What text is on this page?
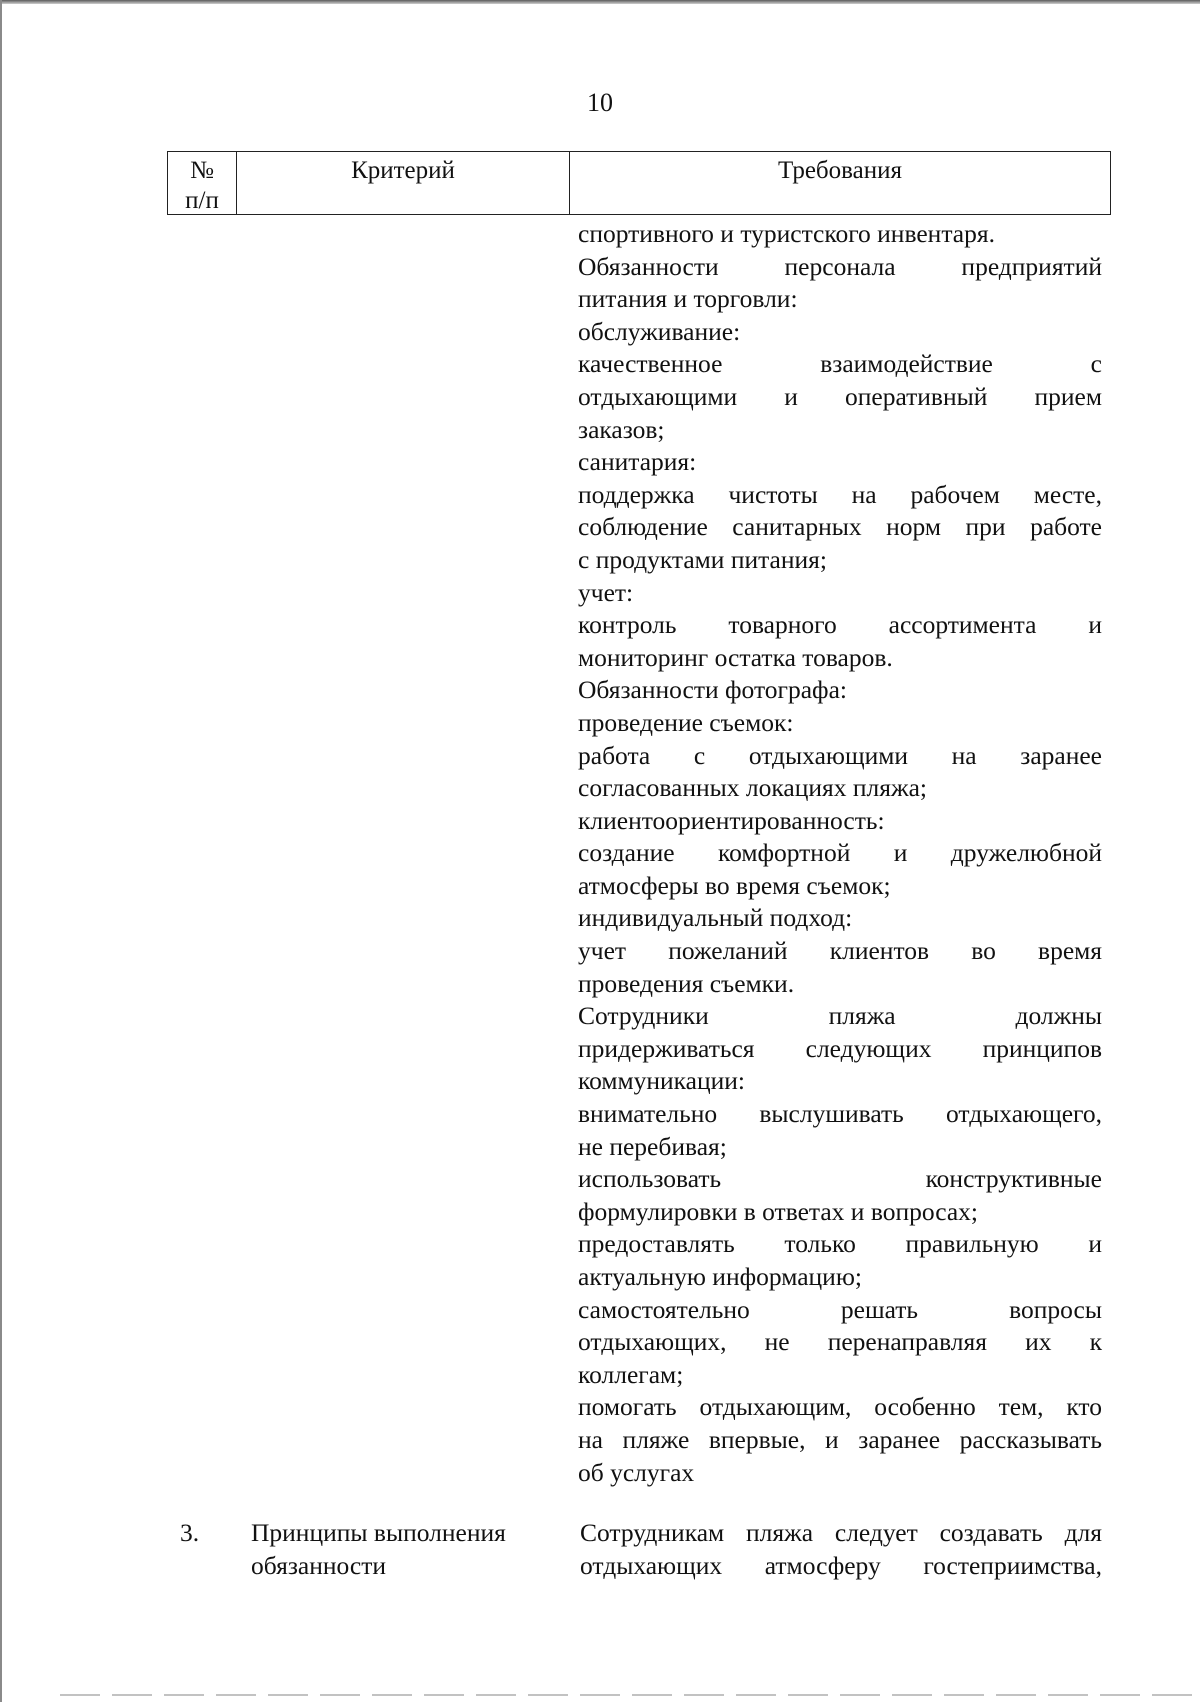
10
№
п/п
Критерий	Требования
спортивного и туристского инвентаря.
Обязанности персонала предприятий
питания и торговли:
обслуживание:
качественное взаимодействие с
отдыхающими и оперативный прием
заказов;
санитария:
поддержка чистоты на рабочем месте,
соблюдение санитарных норм при работе
с продуктами питания;
учет:
контроль товарного ассортимента и
мониторинг остатка товаров.
Обязанности фотографа:
проведение съемок:
работа с отдыхающими на заранее
согласованных локациях пляжа;
клиентоориентированность:
создание комфортной и дружелюбной
атмосферы во время съемок;
индивидуальный подход:
учет пожеланий клиентов во время
проведения съемки.
Сотрудники пляжа должны
придерживаться следующих принципов
коммуникации:
внимательно выслушивать отдыхающего,
не перебивая;
использовать конструктивные
формулировки в ответах и вопросах;
предоставлять только правильную и
актуальную информацию;
самостоятельно решать вопросы
отдыхающих, не перенаправляя их к
коллегам;
помогать отдыхающим, особенно тем, кто
на пляже впервые, и заранее рассказывать
об услугах
3. Принципы выполнения
обязанности
Сотрудникам пляжа следует создавать для
отдыхающих атмосферу гостеприимства,
